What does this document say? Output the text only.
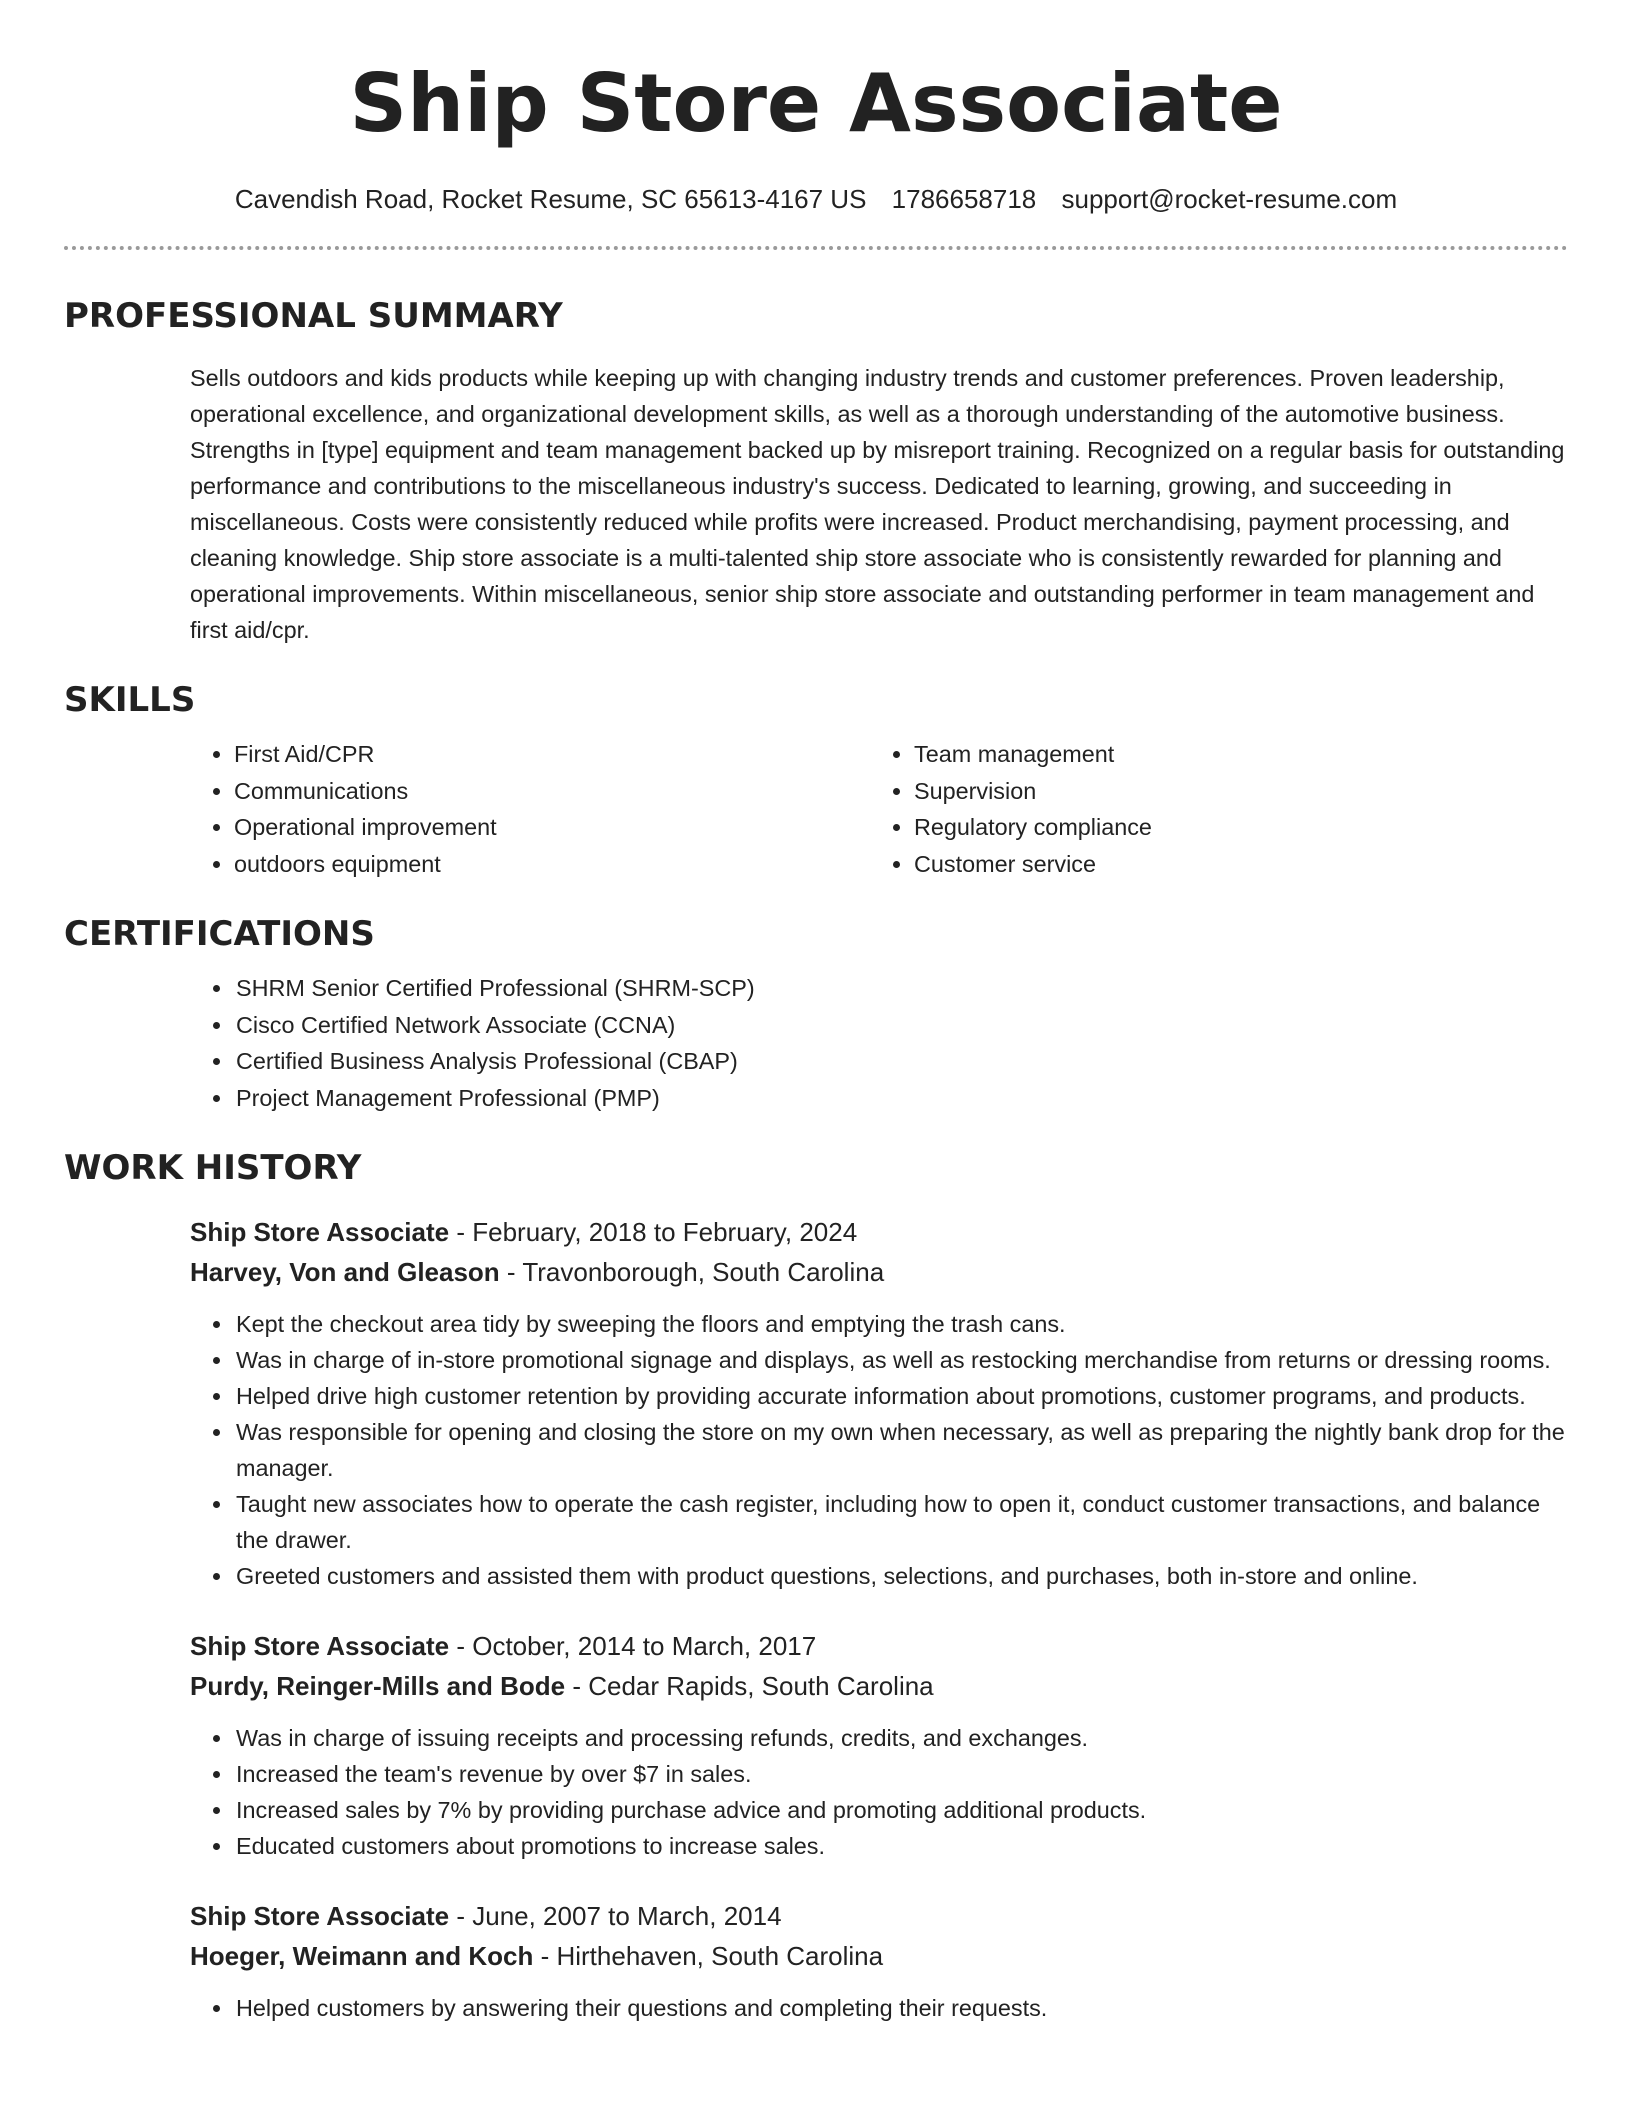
Ship Store Associate
Cavendish Road, Rocket Resume, SC 65613-4167 US 1786658718 support@rocket-resume.com
PROFESSIONAL SUMMARY

Sells outdoors and kids products while keeping up with changing industry trends and customer preferences. Proven leadership, operational excellence, and organizational development skills, as well as a thorough understanding of the automotive business. Strengths in [type] equipment and team management backed up by misreport training. Recognized on a regular basis for outstanding performance and contributions to the miscellaneous industry's success. Dedicated to learning, growing, and succeeding in miscellaneous. Costs were consistently reduced while profits were increased. Product merchandising, payment processing, and cleaning knowledge. Ship store associate is a multi-talented ship store associate who is consistently rewarded for planning and operational improvements. Within miscellaneous, senior ship store associate and outstanding performer in team management and first aid/cpr.

SKILLS
• First Aid/CPR
• Communications
• Operational improvement
• outdoors equipment
• Team management
• Supervision
• Regulatory compliance
• Customer service
CERTIFICATIONS
• SHRM Senior Certified Professional (SHRM-SCP)
• Cisco Certified Network Associate (CCNA)
• Certified Business Analysis Professional (CBAP)
• Project Management Professional (PMP)
WORK HISTORY
Ship Store Associate - February, 2018 to February, 2024
Harvey, Von and Gleason - Travonborough, South Carolina
• Kept the checkout area tidy by sweeping the floors and emptying the trash cans.
• Was in charge of in-store promotional signage and displays, as well as restocking merchandise from returns or dressing rooms.
• Helped drive high customer retention by providing accurate information about promotions, customer programs, and products.
• Was responsible for opening and closing the store on my own when necessary, as well as preparing the nightly bank drop for the manager.
• Taught new associates how to operate the cash register, including how to open it, conduct customer transactions, and balance the drawer.
• Greeted customers and assisted them with product questions, selections, and purchases, both in-store and online.
Ship Store Associate - October, 2014 to March, 2017
Purdy, Reinger-Mills and Bode - Cedar Rapids, South Carolina
• Was in charge of issuing receipts and processing refunds, credits, and exchanges.
• Increased the team's revenue by over $7 in sales.
• Increased sales by 7% by providing purchase advice and promoting additional products.
• Educated customers about promotions to increase sales.
Ship Store Associate - June, 2007 to March, 2014
Hoeger, Weimann and Koch - Hirthehaven, South Carolina
• Helped customers by answering their questions and completing their requests.
